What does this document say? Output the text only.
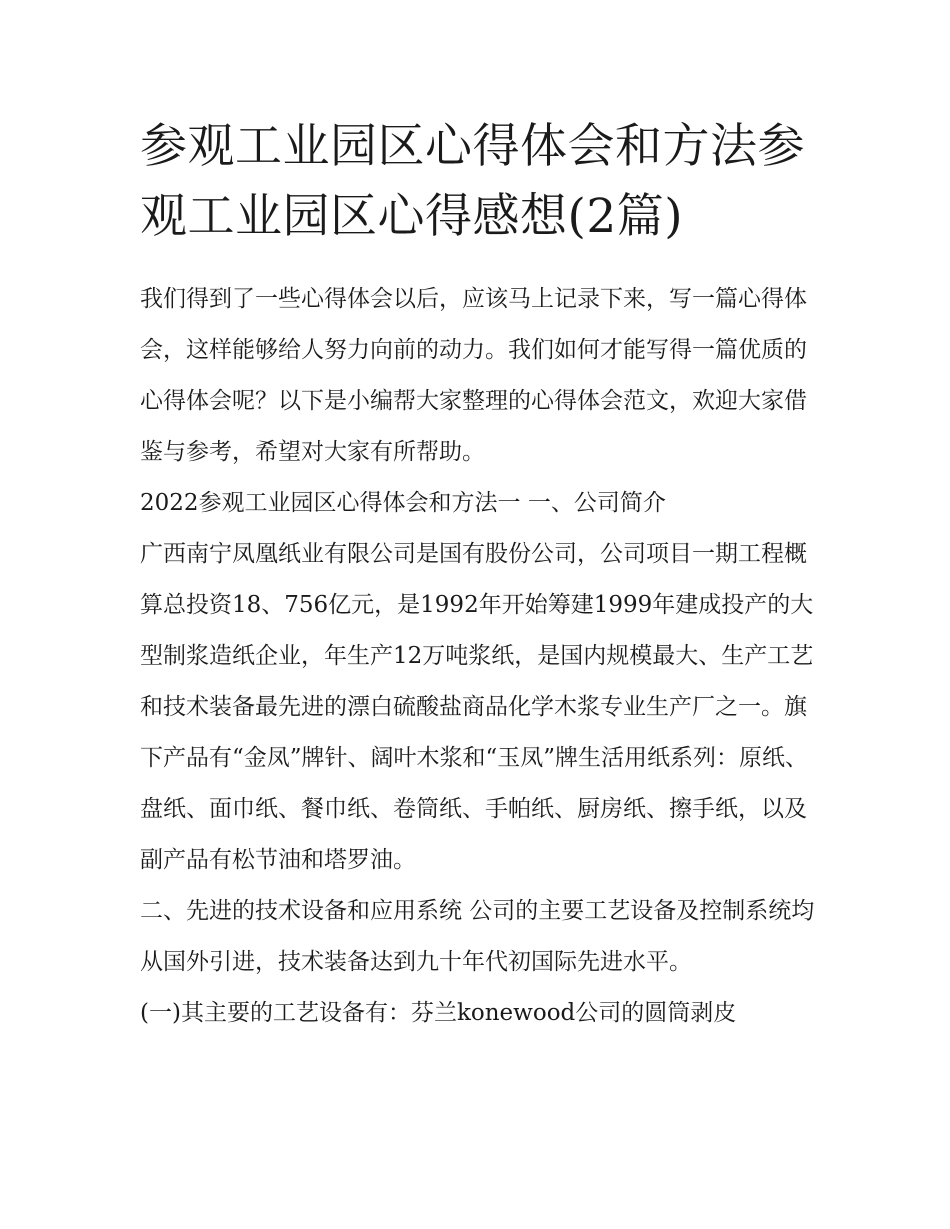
参观工业园区心得体会和方法参观工业园区心得感想(2篇)

我们得到了一些心得体会以后，应该马上记录下来，写一篇心得体会，这样能够给人努力向前的动力。我们如何才能写得一篇优质的心得体会呢？以下是小编帮大家整理的心得体会范文，欢迎大家借鉴与参考，希望对大家有所帮助。

2022参观工业园区心得体会和方法一 一、公司简介

广西南宁凤凰纸业有限公司是国有股份公司，公司项目一期工程概算总投资18、756亿元，是1992年开始筹建1999年建成投产的大型制浆造纸企业，年生产12万吨浆纸，是国内规模最大、生产工艺和技术装备最先进的漂白硫酸盐商品化学木浆专业生产厂之一。旗下产品有“金凤”牌针、阔叶木浆和“玉凤”牌生活用纸系列：原纸、盘纸、面巾纸、餐巾纸、卷筒纸、手帕纸、厨房纸、擦手纸，以及副产品有松节油和塔罗油。

二、先进的技术设备和应用系统 公司的主要工艺设备及控制系统均从国外引进，技术装备达到九十年代初国际先进水平。

(一)其主要的工艺设备有：芬兰konewood公司的圆筒剥皮
